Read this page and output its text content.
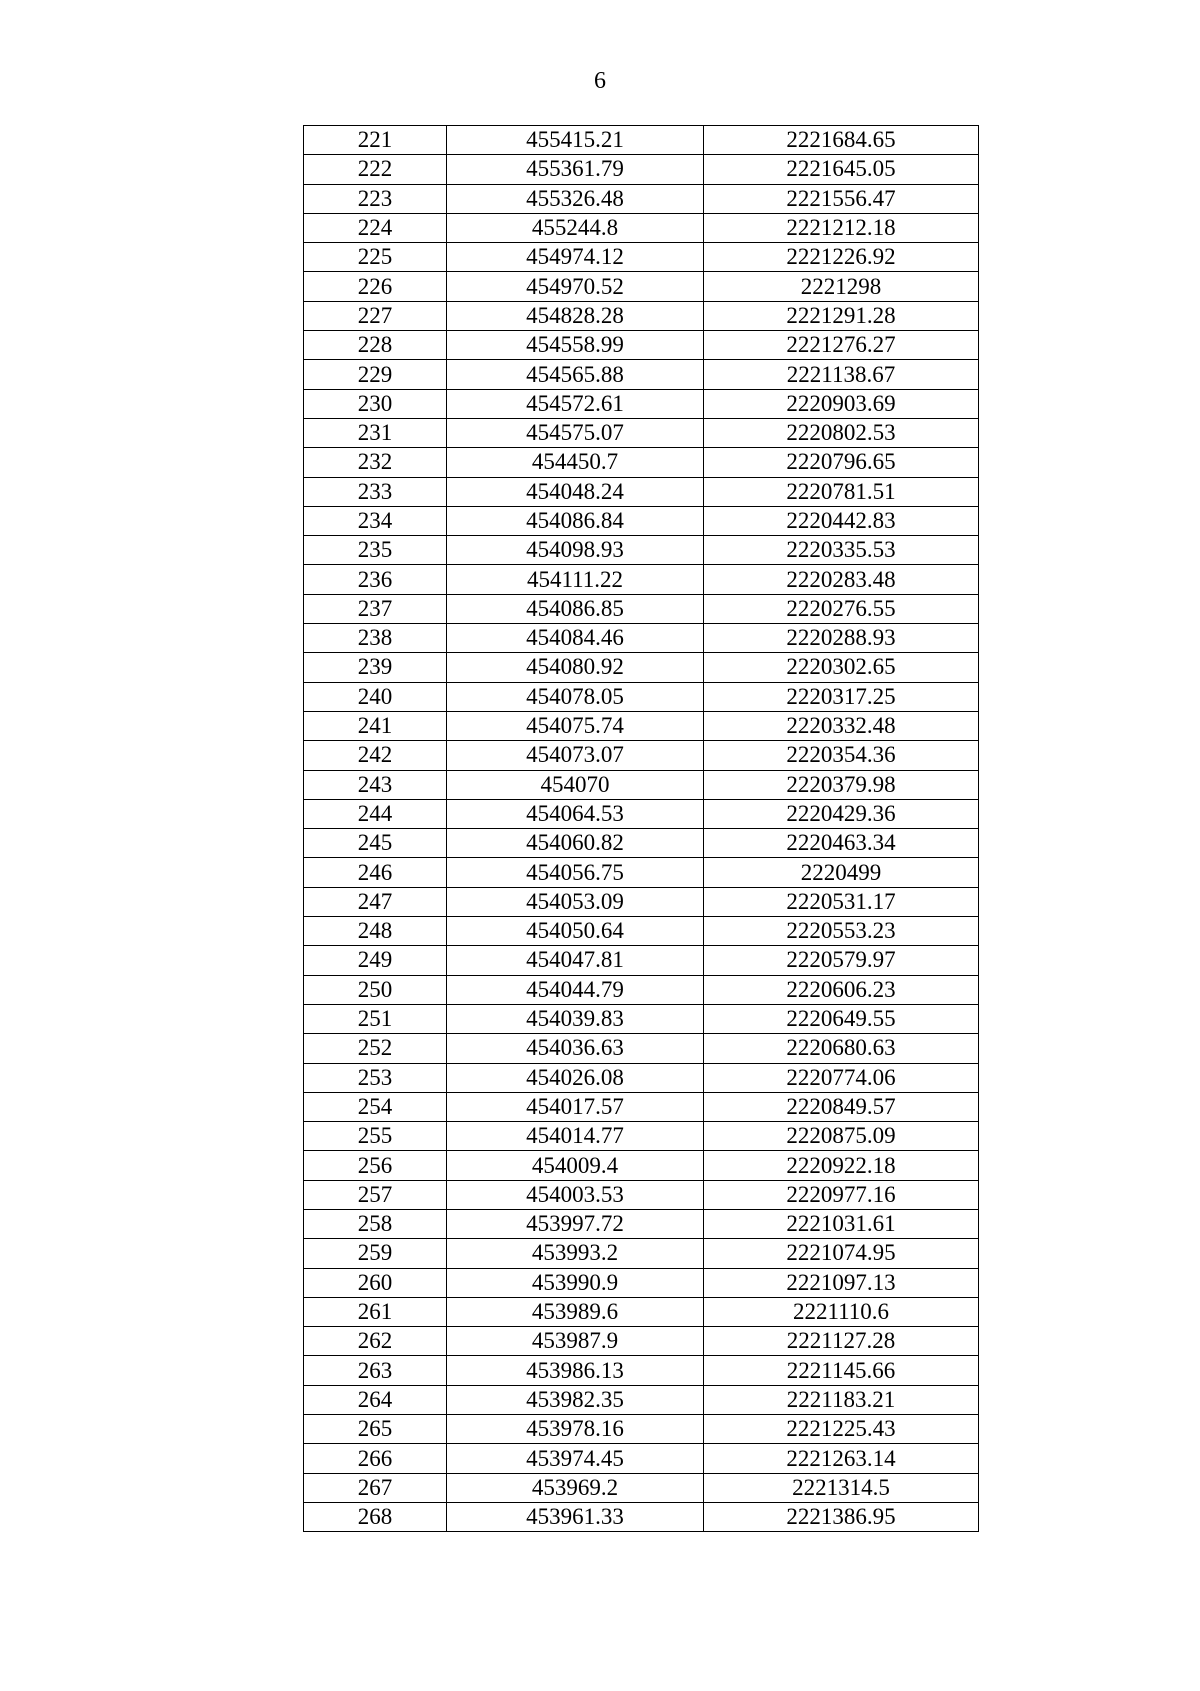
6
221	455415.21	2221684.65
222	455361.79	2221645.05
223	455326.48	2221556.47
224	455244.8	2221212.18
225	454974.12	2221226.92
226	454970.52	2221298
227	454828.28	2221291.28
228	454558.99	2221276.27
229	454565.88	2221138.67
230	454572.61	2220903.69
231	454575.07	2220802.53
232	454450.7	2220796.65
233	454048.24	2220781.51
234	454086.84	2220442.83
235	454098.93	2220335.53
236	454111.22	2220283.48
237	454086.85	2220276.55
238	454084.46	2220288.93
239	454080.92	2220302.65
240	454078.05	2220317.25
241	454075.74	2220332.48
242	454073.07	2220354.36
243	454070	2220379.98
244	454064.53	2220429.36
245	454060.82	2220463.34
246	454056.75	2220499
247	454053.09	2220531.17
248	454050.64	2220553.23
249	454047.81	2220579.97
250	454044.79	2220606.23
251	454039.83	2220649.55
252	454036.63	2220680.63
253	454026.08	2220774.06
254	454017.57	2220849.57
255	454014.77	2220875.09
256	454009.4	2220922.18
257	454003.53	2220977.16
258	453997.72	2221031.61
259	453993.2	2221074.95
260	453990.9	2221097.13
261	453989.6	2221110.6
262	453987.9	2221127.28
263	453986.13	2221145.66
264	453982.35	2221183.21
265	453978.16	2221225.43
266	453974.45	2221263.14
267	453969.2	2221314.5
268	453961.33	2221386.95
